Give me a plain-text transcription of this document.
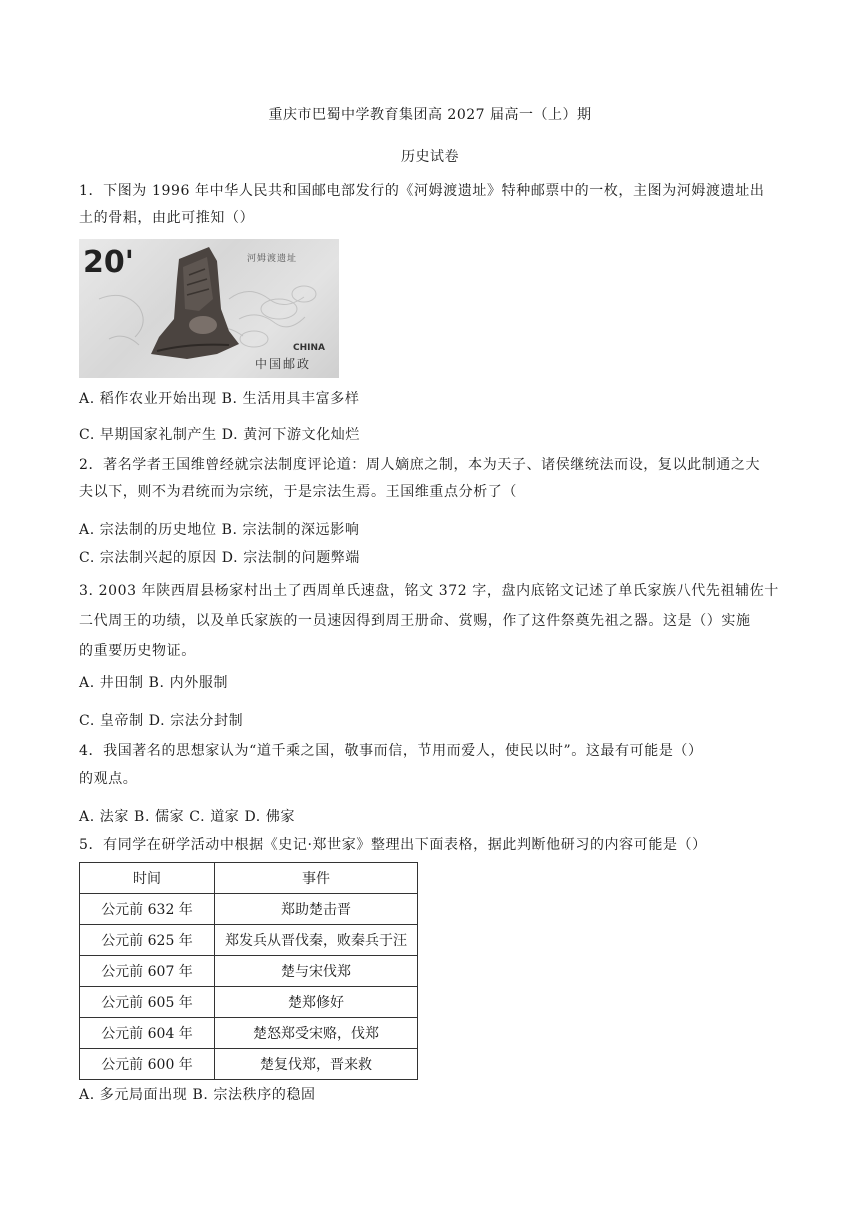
重庆市巴蜀中学教育集团高 2027 届高一（上）期
历史试卷
1．下图为 1996 年中华人民共和国邮电部发行的《河姆渡遗址》特种邮票中的一枚，主图为河姆渡遗址出
土的骨耜，由此可推知（）
20'	河姆渡遗址
CHINA
中国邮政
A. 稻作农业开始出现 B. 生活用具丰富多样
C. 早期国家礼制产生 D. 黄河下游文化灿烂
2．著名学者王国维曾经就宗法制度评论道：周人嫡庶之制，本为天子、诸侯继统法而设，复以此制通之大
夫以下，则不为君统而为宗统，于是宗法生焉。王国维重点分析了（
A. 宗法制的历史地位 B. 宗法制的深远影响
C. 宗法制兴起的原因 D. 宗法制的问题弊端
3. 2003 年陕西眉县杨家村出土了西周单氏速盘，铭文 372 字，盘内底铭文记述了单氏家族八代先祖辅佐十
二代周王的功绩，以及单氏家族的一员速因得到周王册命、赏赐，作了这件祭奠先祖之器。这是（）实施
的重要历史物证。
A. 井田制 B. 内外服制
C. 皇帝制 D. 宗法分封制
4．我国著名的思想家认为“道千乘之国，敬事而信，节用而爱人，使民以时”。这最有可能是（）
的观点。
A. 法家 B. 儒家 C. 道家 D. 佛家
5．有同学在研学活动中根据《史记·郑世家》整理出下面表格，据此判断他研习的内容可能是（）
时间	事件
公元前 632 年	郑助楚击晋
公元前 625 年	郑发兵从晋伐秦，败秦兵于汪
公元前 607 年	楚与宋伐郑
公元前 605 年	楚郑修好
公元前 604 年	楚怒郑受宋赂，伐郑
公元前 600 年	楚复伐郑，晋来救
A. 多元局面出现 B. 宗法秩序的稳固
